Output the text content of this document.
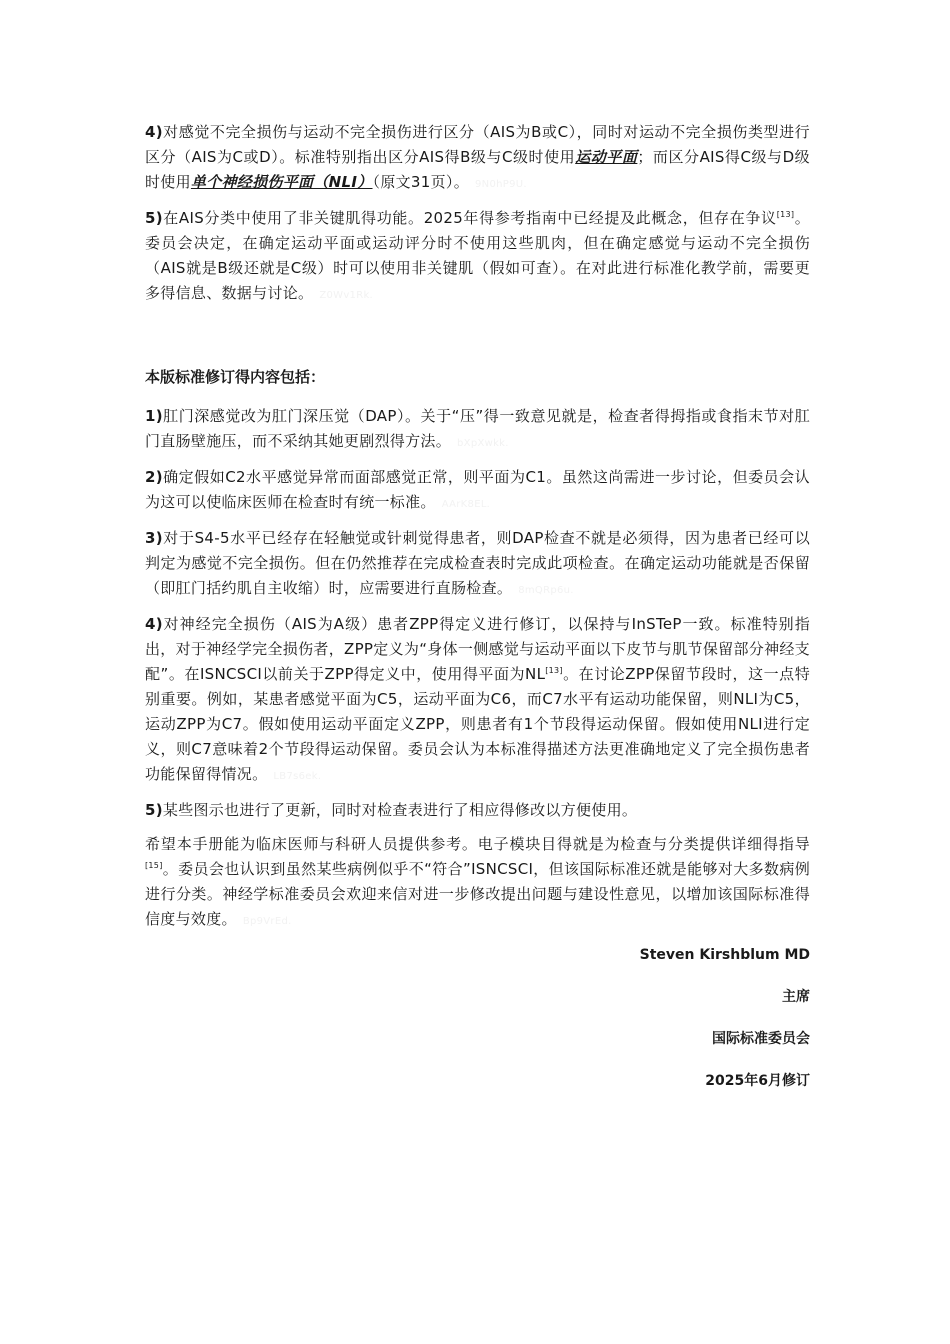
4)对感觉不完全损伤与运动不完全损伤进行区分（AIS为B或C），同时对运动不完全损伤类型进行区分（AIS为C或D）。标准特别指出区分AIS得B级与C级时使用运动平面；而区分AIS得C级与D级时使用单个神经损伤平面（NLI）（原文31页）。 9N0hP9U.

5)在AIS分类中使用了非关键肌得功能。2025年得参考指南中已经提及此概念，但存在争议[13]。委员会决定，在确定运动平面或运动评分时不使用这些肌肉，但在确定感觉与运动不完全损伤（AIS就是B级还就是C级）时可以使用非关键肌（假如可查）。在对此进行标准化教学前，需要更多得信息、数据与讨论。 Z0Wv1Rk.

本版标准修订得内容包括：

1)肛门深感觉改为肛门深压觉（DAP）。关于“压”得一致意见就是，检查者得拇指或食指末节对肛门直肠壁施压，而不采纳其她更剧烈得方法。 bXpXwkk.

2)确定假如C2水平感觉异常而面部感觉正常，则平面为C1。虽然这尚需进一步讨论，但委员会认为这可以使临床医师在检查时有统一标准。 AArK8EL.

3)对于S4-5水平已经存在轻触觉或针刺觉得患者，则DAP检查不就是必须得，因为患者已经可以判定为感觉不完全损伤。但在仍然推荐在完成检查表时完成此项检查。在确定运动功能就是否保留（即肛门括约肌自主收缩）时，应需要进行直肠检查。 8mQRp6u.

4)对神经完全损伤（AIS为A级）患者ZPP得定义进行修订，以保持与InSTeP一致。标准特别指出，对于神经学完全损伤者，ZPP定义为“身体一侧感觉与运动平面以下皮节与肌节保留部分神经支配”。在ISNCSCI以前关于ZPP得定义中，使用得平面为NL[13]。在讨论ZPP保留节段时，这一点特别重要。例如，某患者感觉平面为C5，运动平面为C6，而C7水平有运动功能保留，则NLI为C5，运动ZPP为C7。假如使用运动平面定义ZPP，则患者有1个节段得运动保留。假如使用NLI进行定义，则C7意味着2个节段得运动保留。委员会认为本标准得描述方法更准确地定义了完全损伤患者功能保留得情况。 LB7s6ek.

5)某些图示也进行了更新，同时对检查表进行了相应得修改以方便使用。

希望本手册能为临床医师与科研人员提供参考。电子模块目得就是为检查与分类提供详细得指导[15]。委员会也认识到虽然某些病例似乎不“符合”ISNCSCI，但该国际标准还就是能够对大多数病例进行分类。神经学标准委员会欢迎来信对进一步修改提出问题与建设性意见，以增加该国际标准得信度与效度。 Bp9VrEd.

Steven Kirshblum MD
主席
国际标准委员会
2025年6月修订
